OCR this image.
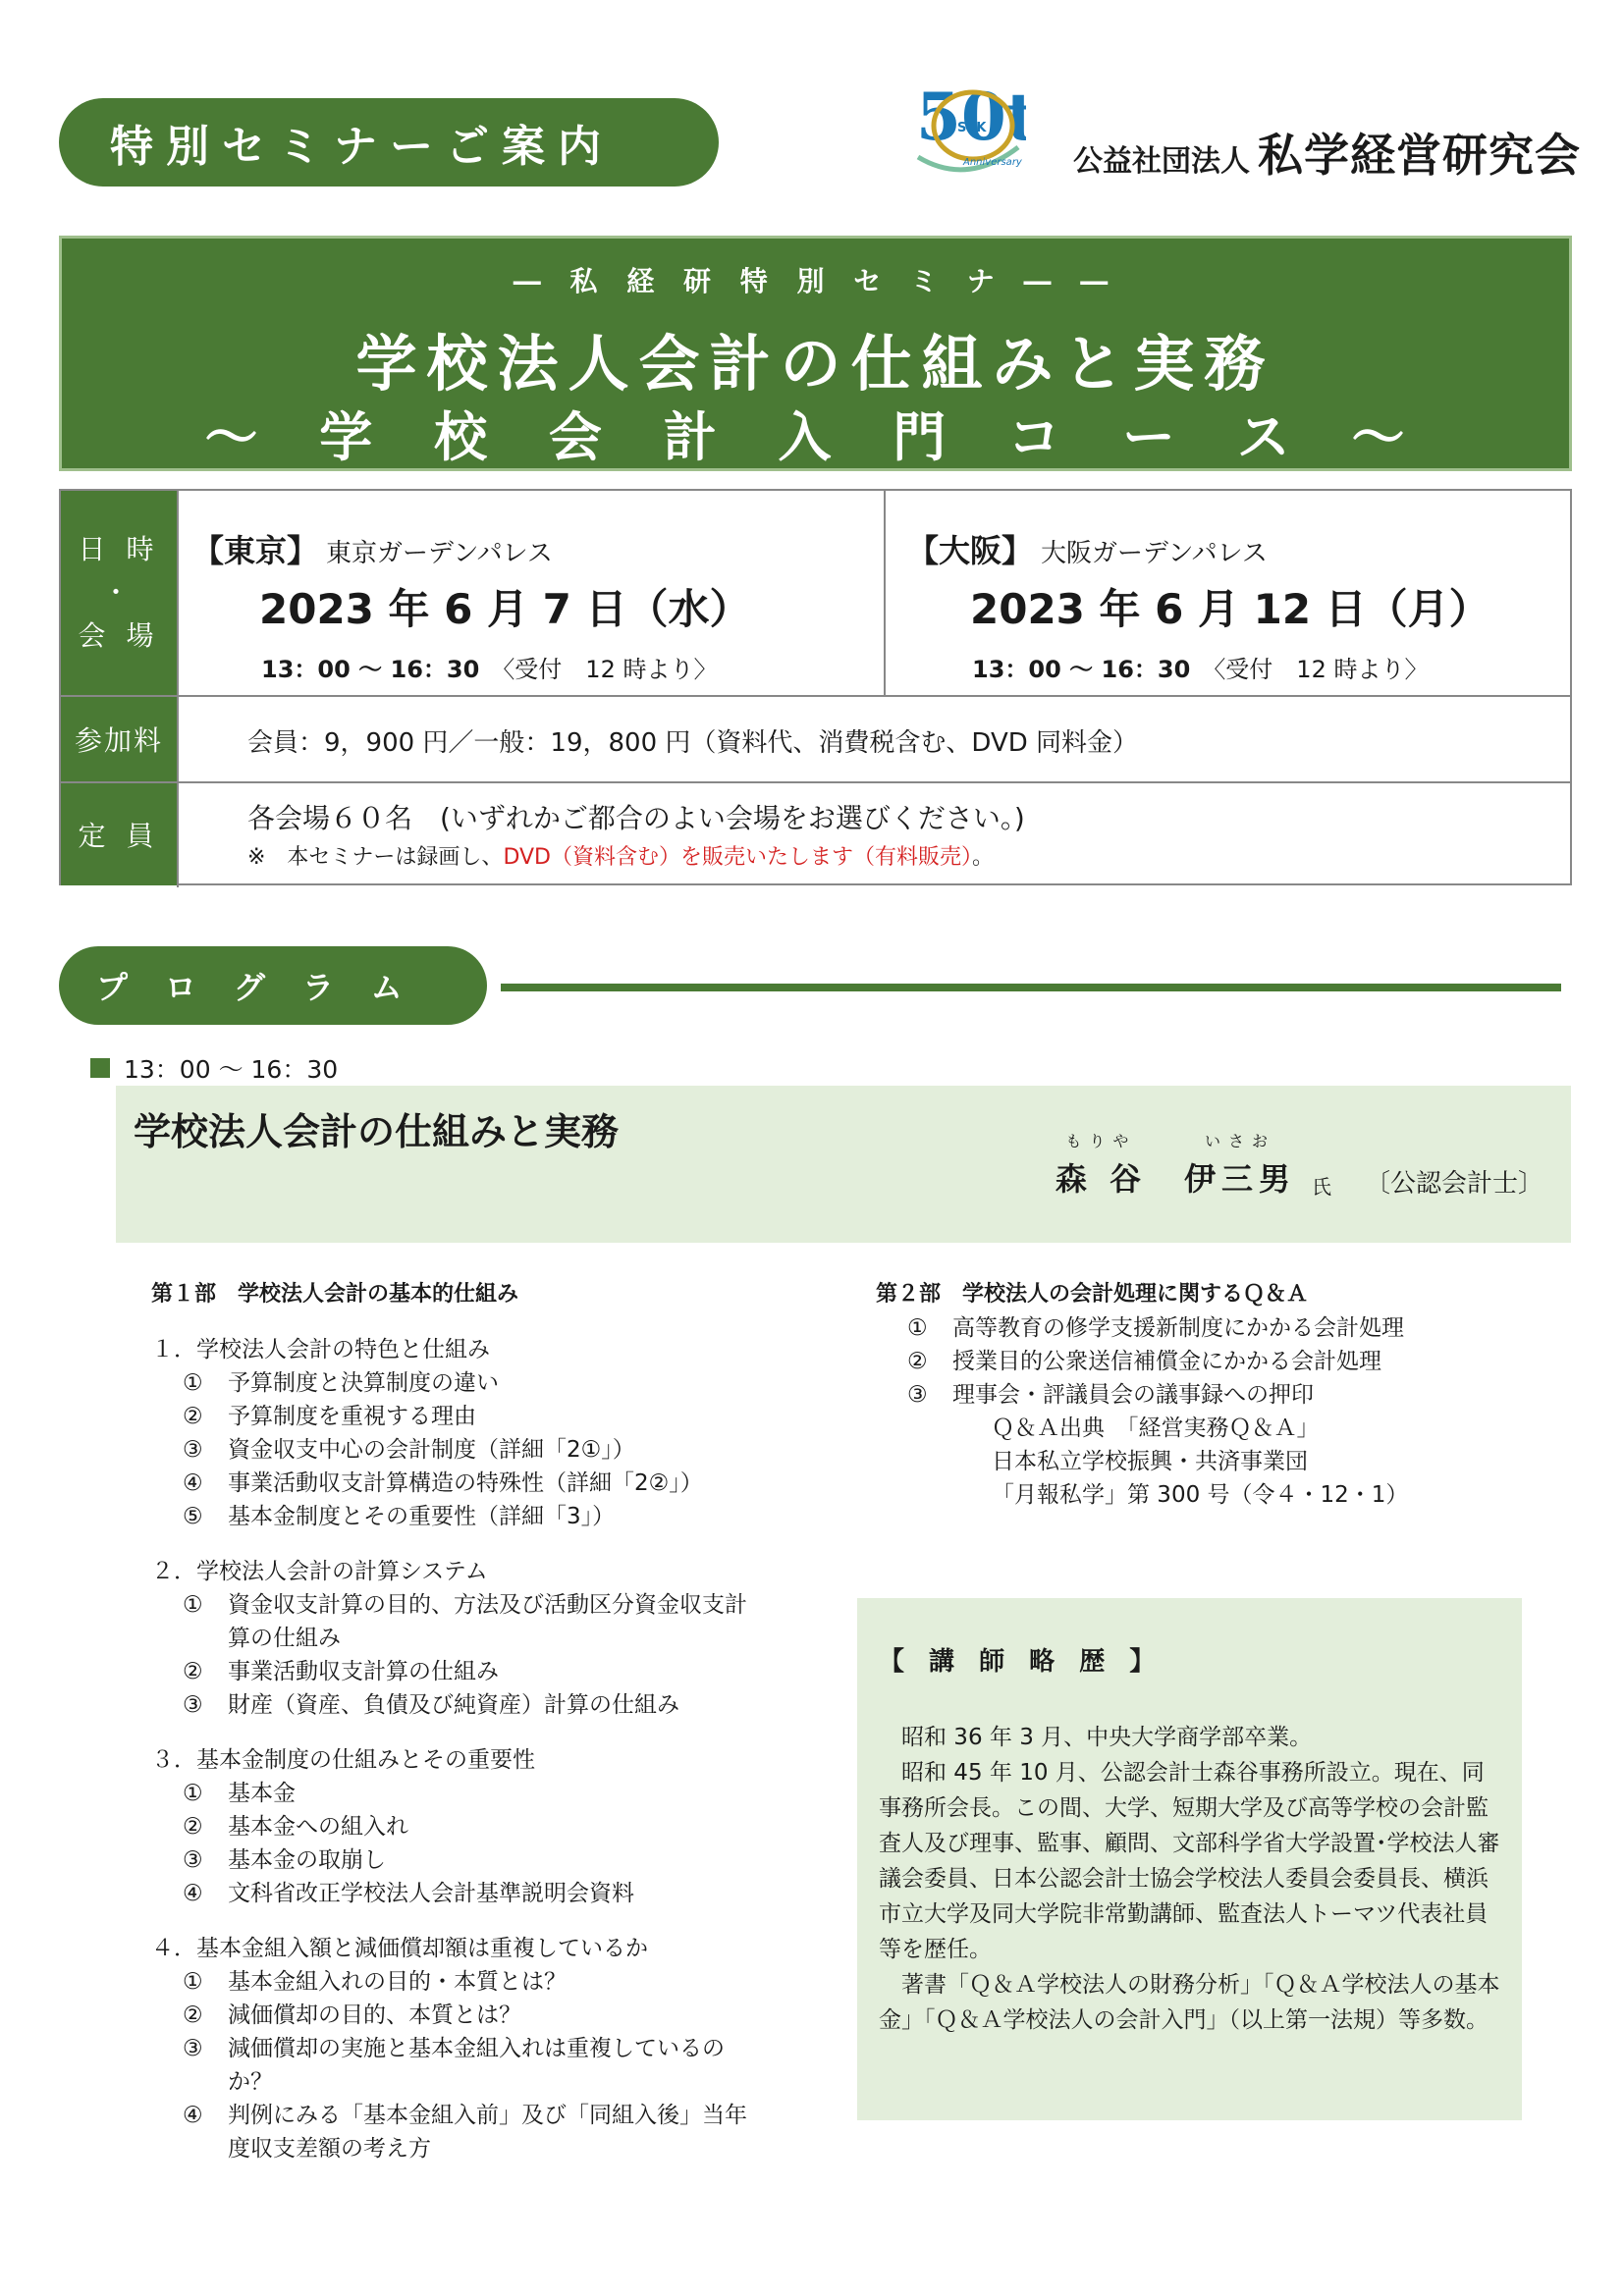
特別セミナーご案内	50t
SKK
Anniversary 公益社団法人 私学経営研究会
― 私 経 研 特 別 セ ミ ナ ― ―
学校法人会計の仕組みと実務
〜 学 校 会 計 入 門 コ ー ス 〜
日 時
・
会 場
参加料
定 員
【東京】 東京ガーデンパレス
2023 年 6 月 7 日（水）
13：00 〜 16：30　 〈受付　12 時より〉
【大阪】 大阪ガーデンパレス
2023 年 6 月 12 日（月）
13：00 〜 16：30　 〈受付　12 時より〉
会員：9，900 円／一般：19，800 円（資料代、消費税含む、DVD 同料金）
各会場６０名　(いずれかご都合のよい会場をお選びください。)
※　本セミナーは録画し、DVD（資料含む）を販売いたします（有料販売）。
プログラム
13：00 〜 16：30
学校法人会計の仕組みと実務	もりや
森 谷
いさお
伊三男 氏 〔公認会計士〕
第１部　学校法人会計の基本的仕組み
１．学校法人会計の特色と仕組み
① 予算制度と決算制度の違い
② 予算制度を重視する理由
③ 資金収支中心の会計制度（詳細「2①」）
④ 事業活動収支計算構造の特殊性（詳細「2②」）
⑤ 基本金制度とその重要性（詳細「3」）
２．学校法人会計の計算システム
① 資金収支計算の目的、方法及び活動区分資金収支計
算の仕組み
② 事業活動収支計算の仕組み
③ 財産（資産、負債及び純資産）計算の仕組み
３．基本金制度の仕組みとその重要性
① 基本金
② 基本金への組入れ
③ 基本金の取崩し
④ 文科省改正学校法人会計基準説明会資料
４．基本金組入額と減価償却額は重複しているか
① 基本金組入れの目的・本質とは？
② 減価償却の目的、本質とは？
③ 減価償却の実施と基本金組入れは重複しているの
か？
④ 判例にみる「基本金組入前」及び「同組入後」当年
度収支差額の考え方
第２部　学校法人の会計処理に関するＱ＆Ａ
① 高等教育の修学支援新制度にかかる会計処理
② 授業目的公衆送信補償金にかかる会計処理
③ 理事会・評議員会の議事録への押印
Ｑ＆Ａ出典　「経営実務Ｑ＆Ａ」
日本私立学校振興・共済事業団
「月報私学」第 300 号（令４・12・1）
【 講 師 略 歴 】

昭和 36 年 3 月、中央大学商学部卒業。

昭和 45 年 10 月、公認会計士森谷事務所設立。現在、同事務所会長。この間、大学、短期大学及び高等学校の会計監査人及び理事、監事、顧問、文部科学省大学設置･学校法人審議会委員、日本公認会計士協会学校法人委員会委員長、横浜市立大学及同大学院非常勤講師、監査法人トーマツ代表社員等を歴任。

著書「Ｑ＆Ａ学校法人の財務分析」「Ｑ＆Ａ学校法人の基本金」「Ｑ＆Ａ学校法人の会計入門」（以上第一法規）等多数。
